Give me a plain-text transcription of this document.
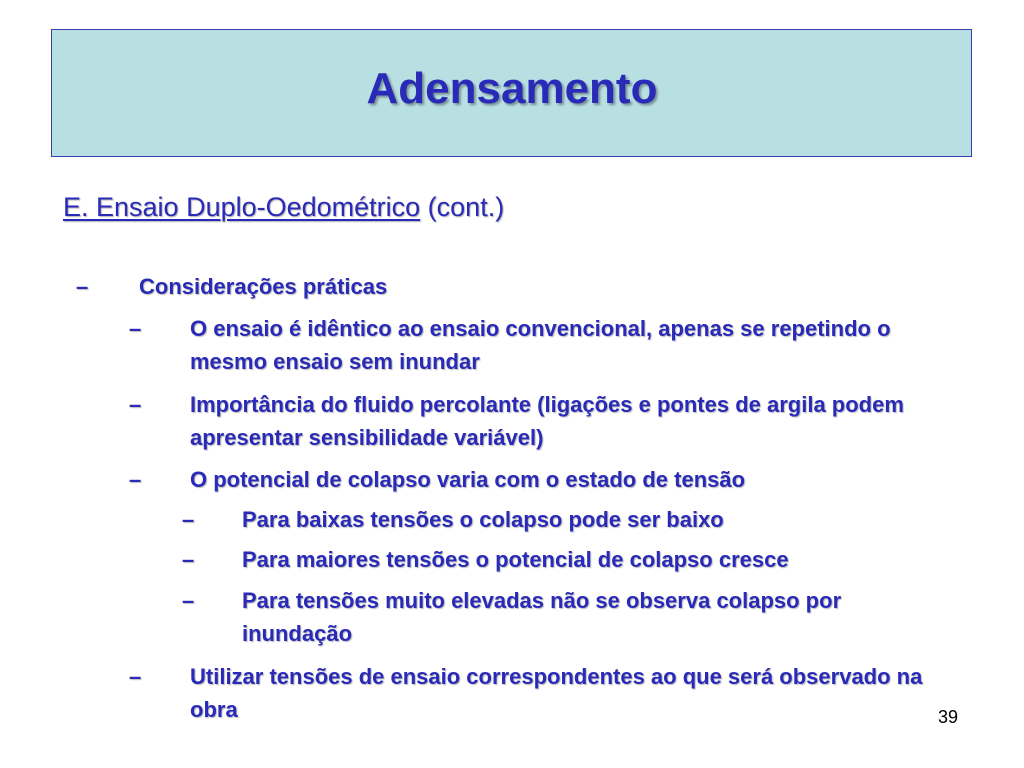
Adensamento
E. Ensaio Duplo-Oedométrico (cont.)
– Considerações práticas
– O ensaio é idêntico ao ensaio convencional, apenas se repetindo o mesmo ensaio sem inundar
– Importância do fluido percolante (ligações e pontes de argila podem apresentar sensibilidade variável)
– O potencial de colapso varia com o estado de tensão
– Para baixas tensões o colapso pode ser baixo
– Para maiores tensões o potencial de colapso cresce
– Para tensões muito elevadas não se observa colapso por inundação
– Utilizar tensões de ensaio correspondentes ao que será observado na obra	39
